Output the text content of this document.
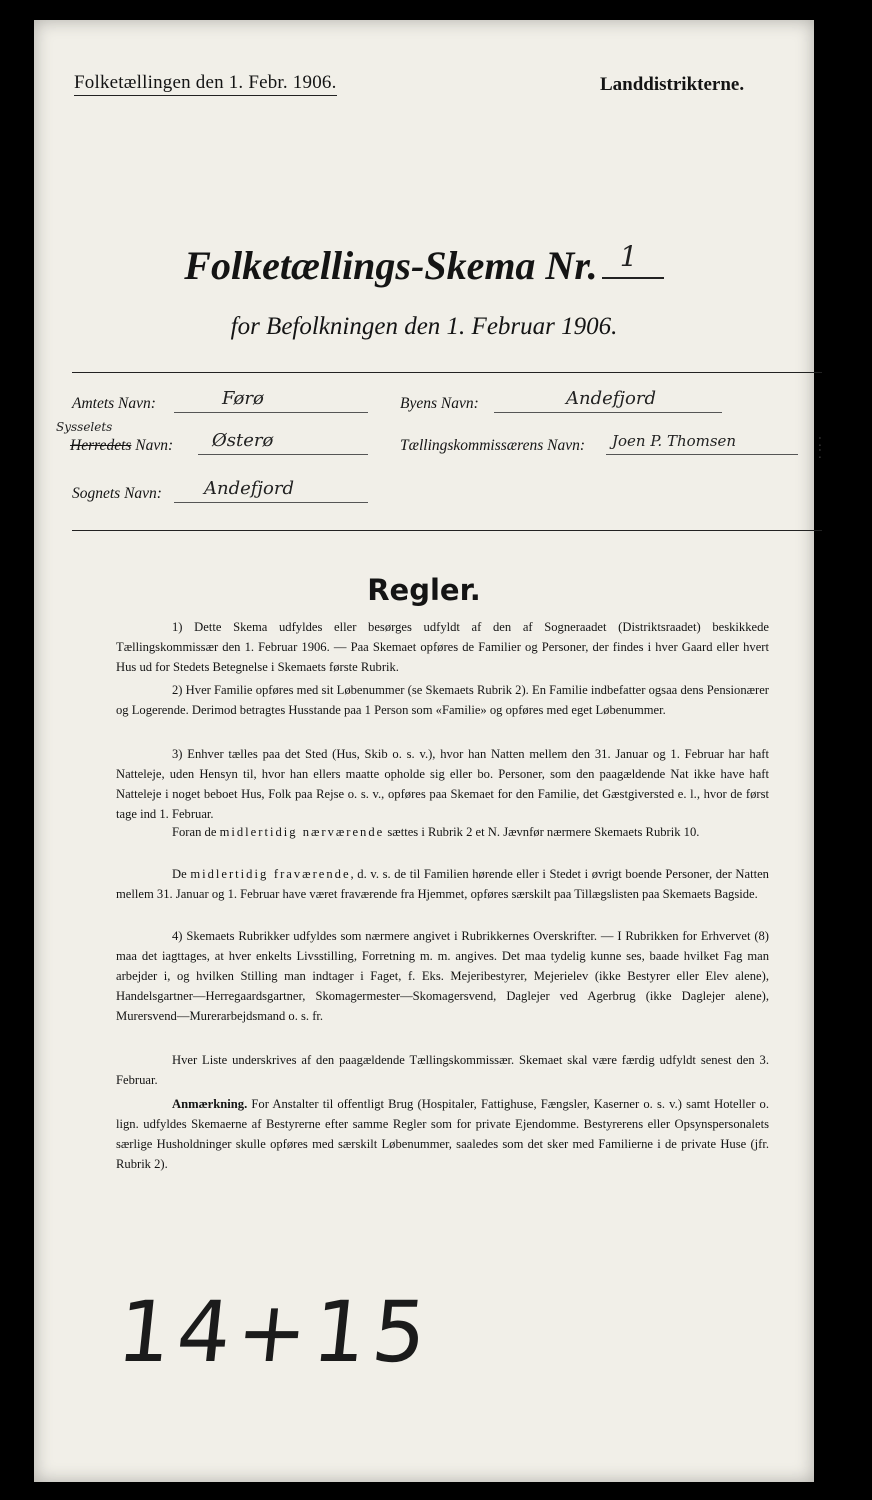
Folketællingen den 1. Febr. 1906.	Landdistrikterne.
Folketællings-Skema Nr. 1
for Befolkningen den 1. Februar 1906.
Amtets Navn:	Førø	Byens Navn:	Andefjord
Sysselets
Herredets Navn: Østerø	Tællingskommissærens Navn: Joen P. Thomsen	⁚
⁚
Sognets Navn: Andefjord
Regler.

1) Dette Skema udfyldes eller besørges udfyldt af den af Sogneraadet (Distriktsraadet) beskikkede Tællingskommissær den 1. Februar 1906. — Paa Skemaet opføres de Familier og Personer, der findes i hver Gaard eller hvert Hus ud for Stedets Betegnelse i Skemaets første Rubrik.

2) Hver Familie opføres med sit Løbenummer (se Skemaets Rubrik 2). En Familie indbefatter ogsaa dens Pensionærer og Logerende. Derimod betragtes Husstande paa 1 Person som «Familie» og opføres med eget Løbenummer.

3) Enhver tælles paa det Sted (Hus, Skib o. s. v.), hvor han Natten mellem den 31. Januar og 1. Februar har haft Natteleje, uden Hensyn til, hvor han ellers maatte opholde sig eller bo. Personer, som den paagældende Nat ikke have haft Natteleje i noget beboet Hus, Folk paa Rejse o. s. v., opføres paa Skemaet for den Familie, det Gæstgiversted e. l., hvor de først tage ind 1. Februar.

Foran de midlertidig nærværende sættes i Rubrik 2 et N. Jævnfør nærmere Skemaets Rubrik 10.

De midlertidig fraværende, d. v. s. de til Familien hørende eller i Stedet i øvrigt boende Personer, der Natten mellem 31. Januar og 1. Februar have været fraværende fra Hjemmet, opføres særskilt paa Tillægslisten paa Skemaets Bagside.

4) Skemaets Rubrikker udfyldes som nærmere angivet i Rubrikkernes Overskrifter. — I Rubrikken for Erhvervet (8) maa det iagttages, at hver enkelts Livsstilling, Forretning m. m. angives. Det maa tydelig kunne ses, baade hvilket Fag man arbejder i, og hvilken Stilling man indtager i Faget, f. Eks. Mejeribestyrer, Mejerielev (ikke Bestyrer eller Elev alene), Handelsgartner—Herregaardsgartner, Skomagermester—Skomagersvend, Daglejer ved Agerbrug (ikke Daglejer alene), Murersvend—Murerarbejdsmand o. s. fr.

Hver Liste underskrives af den paagældende Tællingskommissær. Skemaet skal være færdig udfyldt senest den 3. Februar.

Anmærkning. For Anstalter til offentligt Brug (Hospitaler, Fattighuse, Fængsler, Kaserner o. s. v.) samt Hoteller o. lign. udfyldes Skemaerne af Bestyrerne efter samme Regler som for private Ejendomme. Bestyrerens eller Opsynspersonalets særlige Husholdninger skulle opføres med særskilt Løbenummer, saaledes som det sker med Familierne i de private Huse (jfr. Rubrik 2).

14+15
